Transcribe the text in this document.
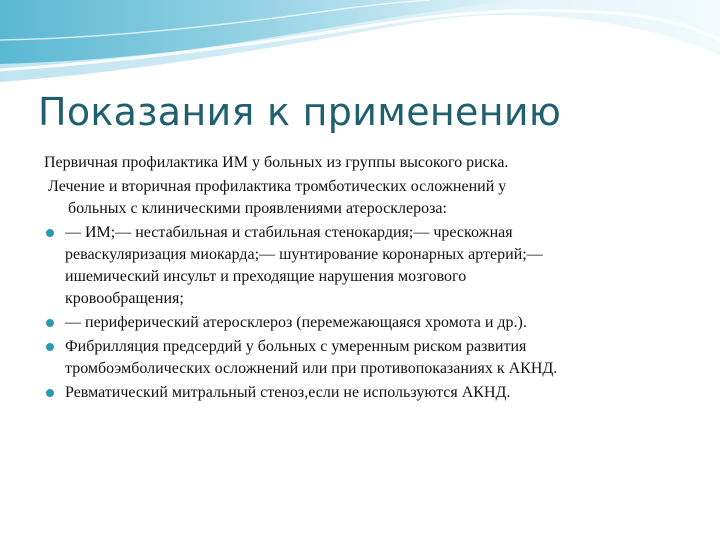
Показания к применению

Первичная профилактика ИМ у больных из группы высокого риска.

Лечение и вторичная профилактика тромботических осложнений у
больных с клиническими проявлениями атеросклероза:

— ИМ;— нестабильная и стабильная стенокардия;— чрескожная
реваскуляризация миокарда;— шунтирование коронарных артерий;—
ишемический инсульт и преходящие нарушения мозгового
кровообращения;
— периферический атеросклероз (перемежающаяся хромота и др.).
Фибрилляция предсердий у больных с умеренным риском развития
тромбоэмболических осложнений или при противопоказаниях к АКНД.
Ревматический митральный стеноз,если не используются АКНД.
